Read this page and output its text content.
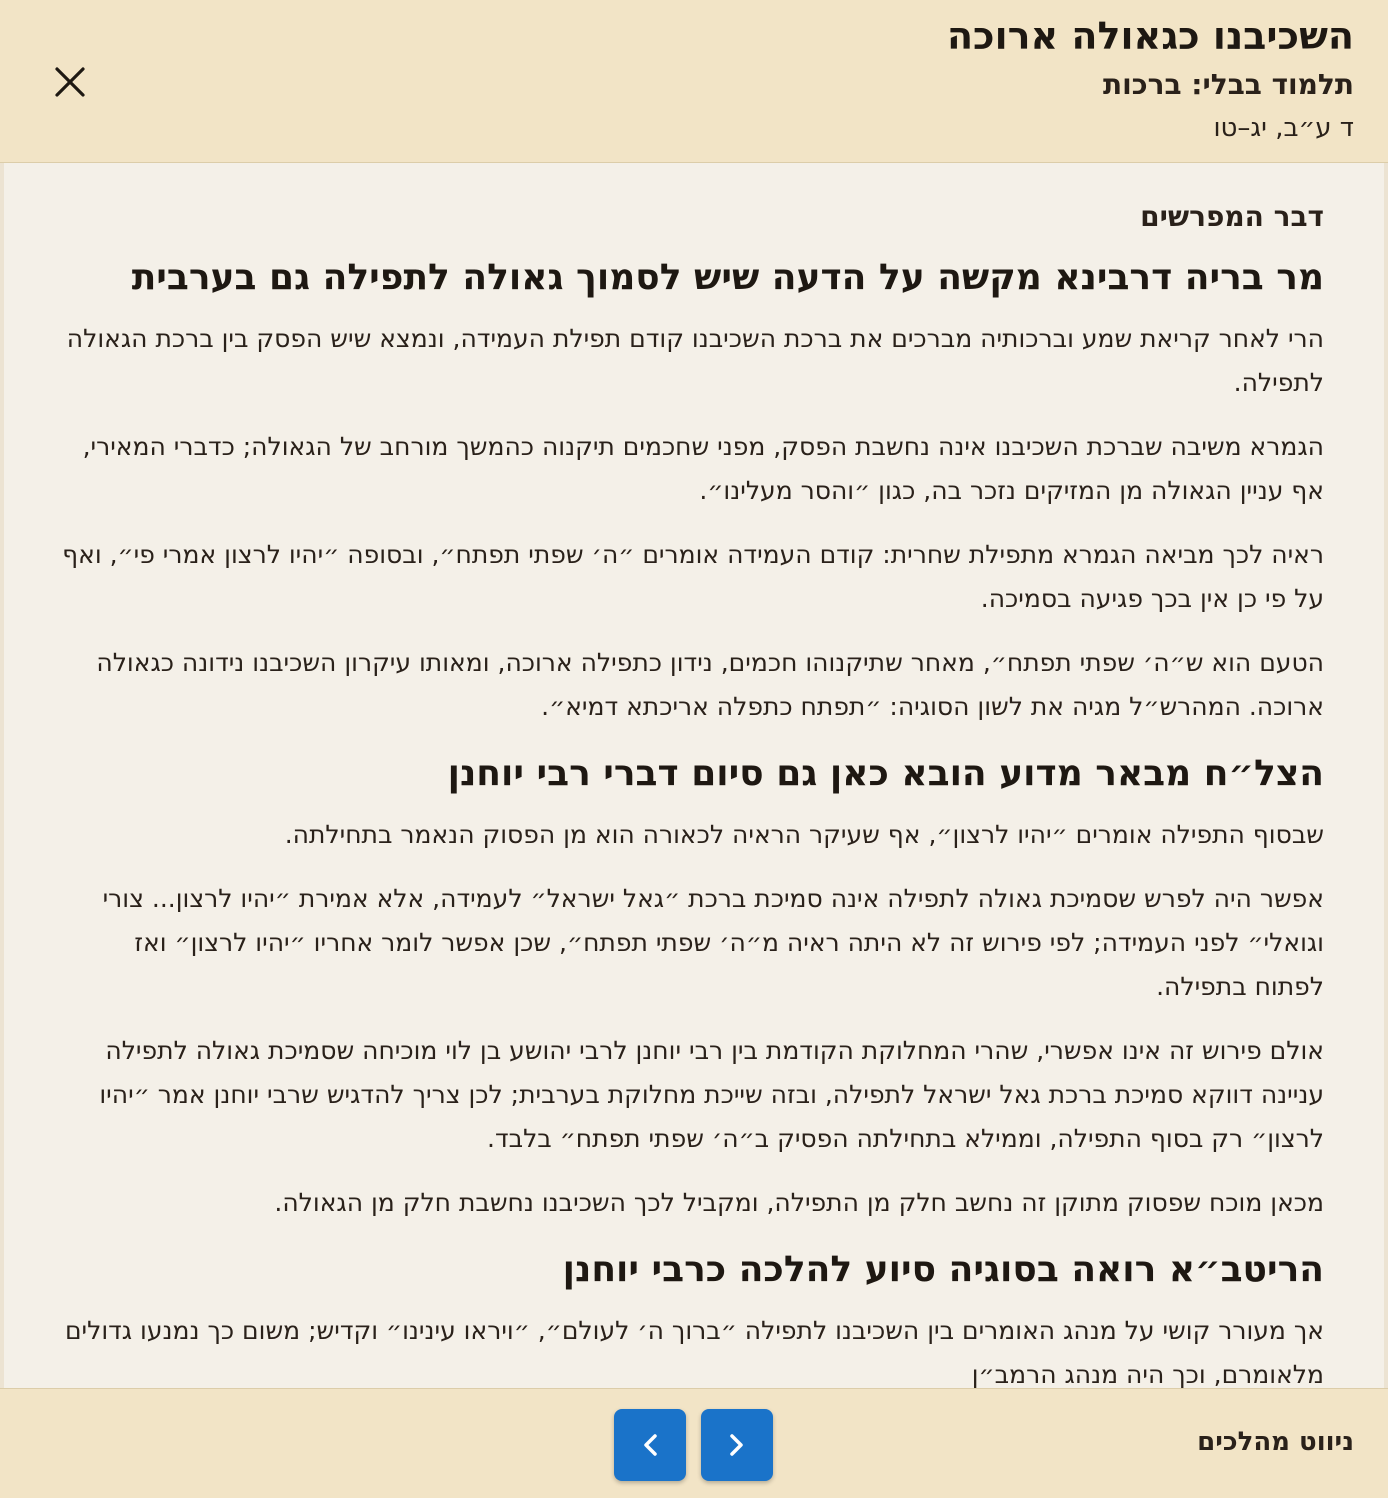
השכיבנו כגאולה ארוכה
תלמוד בבלי: ברכות
ד ע״ב, יג–טו
דבר המפרשים
מר בריה דרבינא מקשה על הדעה שיש לסמוך גאולה לתפילה גם בערבית

הרי לאחר קריאת שמע וברכותיה מברכים את ברכת השכיבנו קודם תפילת העמידה, ונמצא שיש הפסק בין ברכת הגאולה לתפילה.

הגמרא משיבה שברכת השכיבנו אינה נחשבת הפסק, מפני שחכמים תיקנוה כהמשך מורחב של הגאולה; כדברי המאירי, אף עניין הגאולה מן המזיקים נזכר בה, כגון ״והסר מעלינו״.

ראיה לכך מביאה הגמרא מתפילת שחרית: קודם העמידה אומרים ״ה׳ שפתי תפתח״, ובסופה ״יהיו לרצון אמרי פי״, ואף על פי כן אין בכך פגיעה בסמיכה.

הטעם הוא ש״ה׳ שפתי תפתח״, מאחר שתיקנוהו חכמים, נידון כתפילה ארוכה, ומאותו עיקרון השכיבנו נידונה כגאולה ארוכה. המהרש״ל מגיה את לשון הסוגיה: ״תפתח כתפלה אריכתא דמיא״.

הצל״ח מבאר מדוע הובא כאן גם סיום דברי רבי יוחנן

שבסוף התפילה אומרים ״יהיו לרצון״, אף שעיקר הראיה לכאורה הוא מן הפסוק הנאמר בתחילתה.

אפשר היה לפרש שסמיכת גאולה לתפילה אינה סמיכת ברכת ״גאל ישראל״ לעמידה, אלא אמירת ״יהיו לרצון... צורי וגואלי״ לפני העמידה; לפי פירוש זה לא היתה ראיה מ״ה׳ שפתי תפתח״, שכן אפשר לומר אחריו ״יהיו לרצון״ ואז לפתוח בתפילה.

אולם פירוש זה אינו אפשרי, שהרי המחלוקת הקודמת בין רבי יוחנן לרבי יהושע בן לוי מוכיחה שסמיכת גאולה לתפילה עניינה דווקא סמיכת ברכת גאל ישראל לתפילה, ובזה שייכת מחלוקת בערבית; לכן צריך להדגיש שרבי יוחנן אמר ״יהיו לרצון״ רק בסוף התפילה, וממילא בתחילתה הפסיק ב״ה׳ שפתי תפתח״ בלבד.

מכאן מוכח שפסוק מתוקן זה נחשב חלק מן התפילה, ומקביל לכך השכיבנו נחשבת חלק מן הגאולה.

הריטב״א רואה בסוגיה סיוע להלכה כרבי יוחנן

אך מעורר קושי על מנהג האומרים בין השכיבנו לתפילה ״ברוך ה׳ לעולם״, ״ויראו עינינו״ וקדיש; משום כך נמנעו גדולים מלאומרם, וכך היה מנהג הרמב״ן

ניווט מהלכים
